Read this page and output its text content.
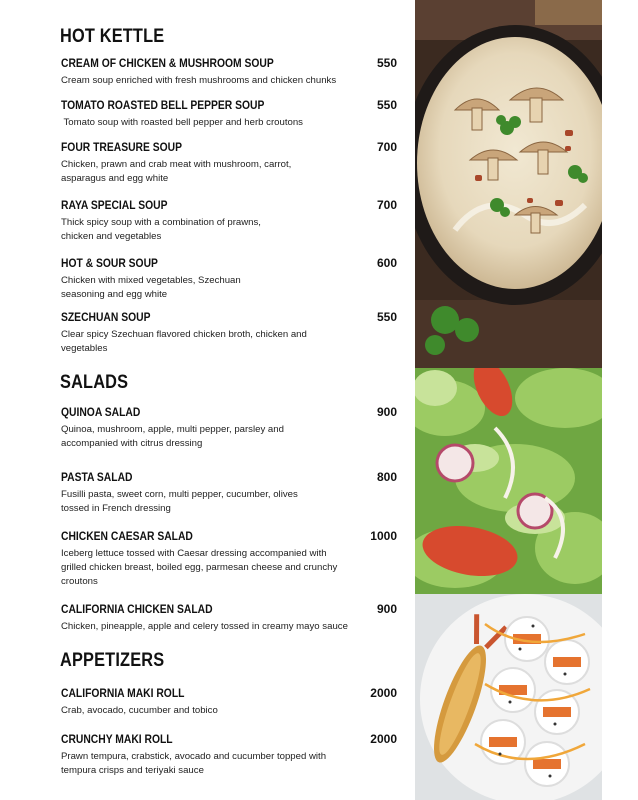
HOT KETTLE
CREAM OF CHICKEN & MUSHROOM SOUP	550
Cream soup enriched with fresh mushrooms and chicken chunks
TOMATO ROASTED BELL PEPPER SOUP	550
Tomato soup with roasted bell pepper and herb croutons
FOUR TREASURE SOUP	700
Chicken, prawn and crab meat with mushroom, carrot, asparagus and egg white
RAYA SPECIAL SOUP	700
Thick spicy soup with a combination of prawns, chicken and vegetables
HOT & SOUR SOUP	600
Chicken with mixed vegetables, Szechuan seasoning and egg white
SZECHUAN SOUP	550
Clear spicy Szechuan flavored chicken broth, chicken and vegetables
SALADS
QUINOA SALAD	900
Quinoa, mushroom, apple, multi pepper, parsley and accompanied with citrus dressing
PASTA SALAD	800
Fusilli pasta, sweet corn, multi pepper, cucumber, olives tossed in French dressing
CHICKEN CAESAR SALAD	1000
Iceberg lettuce tossed with Caesar dressing accompanied with grilled chicken breast, boiled egg, parmesan cheese and crunchy croutons
CALIFORNIA CHICKEN SALAD	900
Chicken, pineapple, apple and celery tossed in creamy mayo sauce
APPETIZERS
CALIFORNIA MAKI ROLL	2000
Crab, avocado, cucumber and tobico
CRUNCHY MAKI ROLL	2000
Prawn tempura, crabstick, avocado and cucumber topped with tempura crisps and teriyaki sauce
